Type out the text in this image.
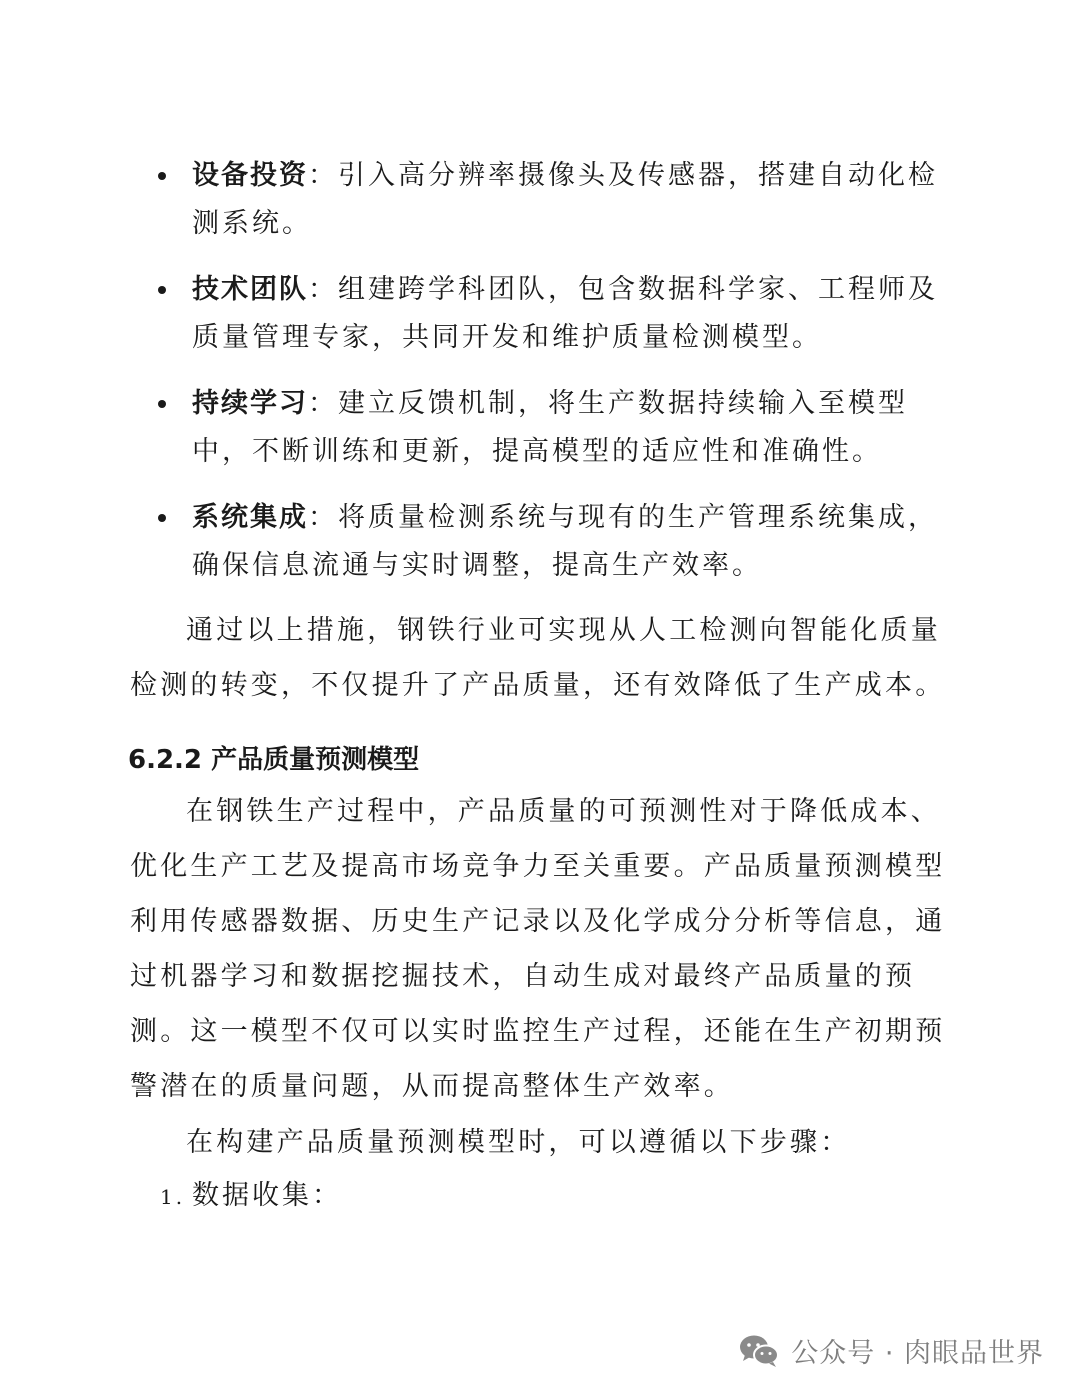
设备投资：引入高分辨率摄像头及传感器，搭建自动化检测系统。
技术团队：组建跨学科团队，包含数据科学家、工程师及质量管理专家，共同开发和维护质量检测模型。
持续学习：建立反馈机制，将生产数据持续输入至模型中，不断训练和更新，提高模型的适应性和准确性。
系统集成：将质量检测系统与现有的生产管理系统集成，确保信息流通与实时调整，提高生产效率。

通过以上措施，钢铁行业可实现从人工检测向智能化质量检测的转变，不仅提升了产品质量，还有效降低了生产成本。

6.2.2 产品质量预测模型

在钢铁生产过程中，产品质量的可预测性对于降低成本、优化生产工艺及提高市场竞争力至关重要。产品质量预测模型利用传感器数据、历史生产记录以及化学成分分析等信息，通过机器学习和数据挖掘技术，自动生成对最终产品质量的预测。这一模型不仅可以实时监控生产过程，还能在生产初期预警潜在的质量问题，从而提高整体生产效率。

在构建产品质量预测模型时，可以遵循以下步骤：

1. 数据收集：
公众号 · 肉眼品世界
